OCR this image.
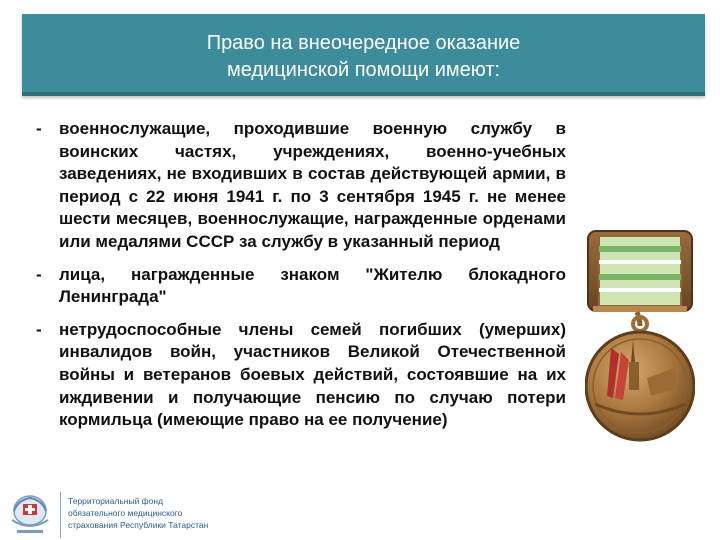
Право на внеочередное оказание
медицинской помощи имеют:
- военнослужащие, проходившие военную службу в воинских частях, учреждениях, военно-учебных заведениях, не входивших в состав действующей армии, в период с 22 июня 1941 г. по 3 сентября 1945 г. не менее шести месяцев, военнослужащие, награжденные орденами или медалями СССР за службу в указанный период
- лица, награжденные знаком "Жителю блокадного Ленинграда"
- нетрудоспособные члены семей погибших (умерших) инвалидов войн, участников Великой Отечественной войны и ветеранов боевых действий, состоявшие на их иждивении и получающие пенсию по случаю потери кормильца (имеющие право на ее получение)
Территориальный фонд
обязательного медицинского
страхования Республики Татарстан
